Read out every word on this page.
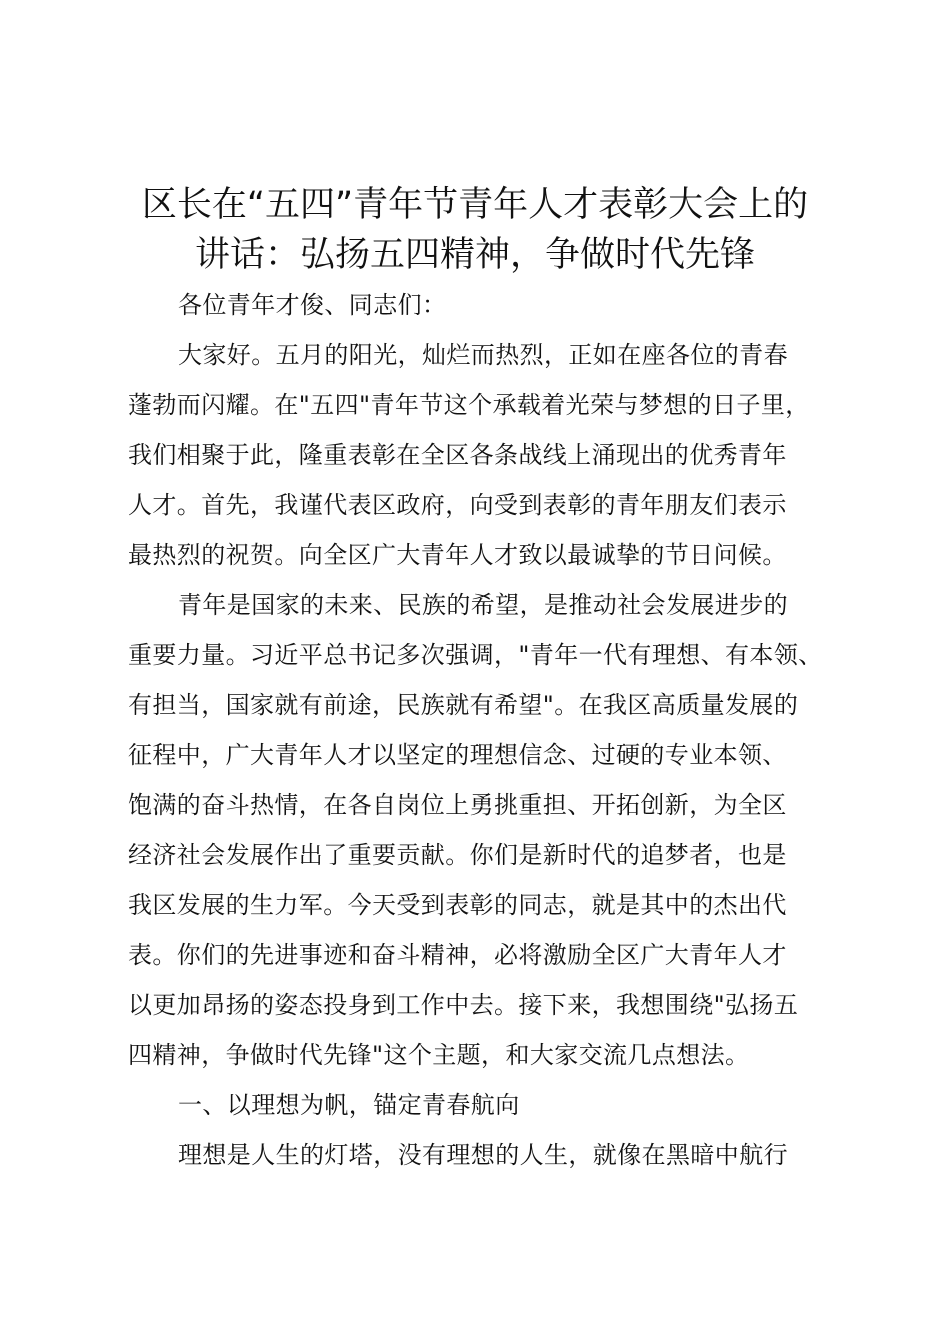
区长在“五四”青年节青年人才表彰大会上的
讲话：弘扬五四精神，争做时代先锋
各位青年才俊、同志们：
大家好。五月的阳光，灿烂而热烈，正如在座各位的青春
蓬勃而闪耀。在"五四"青年节这个承载着光荣与梦想的日子里，
我们相聚于此，隆重表彰在全区各条战线上涌现出的优秀青年
人才。首先，我谨代表区政府，向受到表彰的青年朋友们表示
最热烈的祝贺。向全区广大青年人才致以最诚挚的节日问候。
青年是国家的未来、民族的希望，是推动社会发展进步的
重要力量。习近平总书记多次强调，"青年一代有理想、有本领、
有担当，国家就有前途，民族就有希望"。在我区高质量发展的
征程中，广大青年人才以坚定的理想信念、过硬的专业本领、
饱满的奋斗热情，在各自岗位上勇挑重担、开拓创新，为全区
经济社会发展作出了重要贡献。你们是新时代的追梦者，也是
我区发展的生力军。今天受到表彰的同志，就是其中的杰出代
表。你们的先进事迹和奋斗精神，必将激励全区广大青年人才
以更加昂扬的姿态投身到工作中去。接下来，我想围绕"弘扬五
四精神，争做时代先锋"这个主题，和大家交流几点想法。
一、以理想为帆，锚定青春航向
理想是人生的灯塔，没有理想的人生，就像在黑暗中航行
